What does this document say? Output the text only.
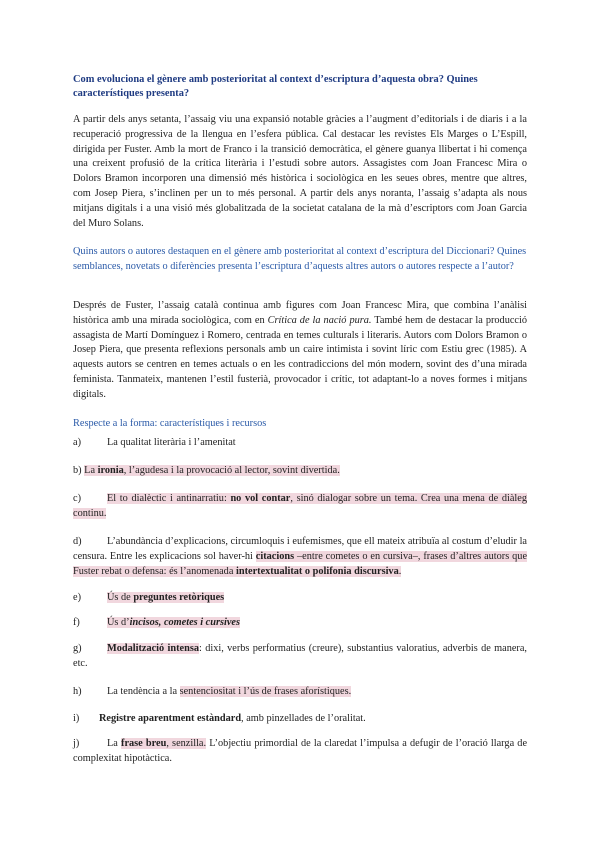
Com evoluciona el gènere amb posterioritat al context d’escriptura d’aquesta obra? Quines característiques presenta?

A partir dels anys setanta, l’assaig viu una expansió notable gràcies a l’augment d’editorials i de diaris i a la recuperació progressiva de la llengua en l’esfera pública. Cal destacar les revistes Els Marges o L’Espill, dirigida per Fuster. Amb la mort de Franco i la transició democràtica, el gènere guanya llibertat i hi comença una creixent profusió de la crítica literària i l’estudi sobre autors. Assagistes com Joan Francesc Mira o Dolors Bramon incorporen una dimensió més històrica i sociològica en les seues obres, mentre que altres, com Josep Piera, s’inclinen per un to més personal. A partir dels anys noranta, l’assaig s’adapta als nous mitjans digitals i a una visió més globalitzada de la societat catalana de la mà d’escriptors com Joan Garcia del Muro Solans.

Quins autors o autores destaquen en el gènere amb posterioritat al context d’escriptura del Diccionari? Quines semblances, novetats o diferències presenta l’escriptura d’aquests altres autors o autores respecte a l’autor?

Després de Fuster, l’assaig català continua amb figures com Joan Francesc Mira, que combina l’anàlisi històrica amb una mirada sociològica, com en Crítica de la nació pura. També hem de destacar la producció assagista de Martí Domínguez i Romero, centrada en temes culturals i literaris. Autors com Dolors Bramon o Josep Piera, que presenta reflexions personals amb un caire intimista i sovint líric com Estiu grec (1985). A aquests autors se centren en temes actuals o en les contradiccions del món modern, sovint des d’una mirada feminista. Tanmateix, mantenen l’estil fusterià, provocador i crític, tot adaptant-lo a noves formes i mitjans digitals.

Respecte a la forma: característiques i recursos

a)	La qualitat literària i l’amenitat

b) La ironia, l’agudesa i la provocació al lector, sovint divertida.

c)	El to dialèctic i antinarratiu: no vol contar, sinó dialogar sobre un tema. Crea una mena de diàleg continu.

d) L’abundància d’explicacions, circumloquis i eufemismes, que ell mateix atribuïa al costum d’eludir la censura. Entre les explicacions sol haver-hi citacions –entre cometes o en cursiva–, frases d’altres autors que Fuster rebat o defensa: és l’anomenada intertextualitat o polifonia discursiva.

e)	Ús de preguntes retòriques

f)	Ús d’incisos, cometes i cursives

g) Modalització intensa: dixi, verbs performatius (creure), substantius valoratius, adverbis de manera, etc.

h) La tendència a la sentenciositat i l’ús de frases aforístiques.

i) Registre aparentment estàndard, amb pinzellades de l’oralitat.

j)	La frase breu, senzilla. L’objectiu primordial de la claredat l’impulsa a defugir de l’oració llarga de complexitat hipotàctica.
